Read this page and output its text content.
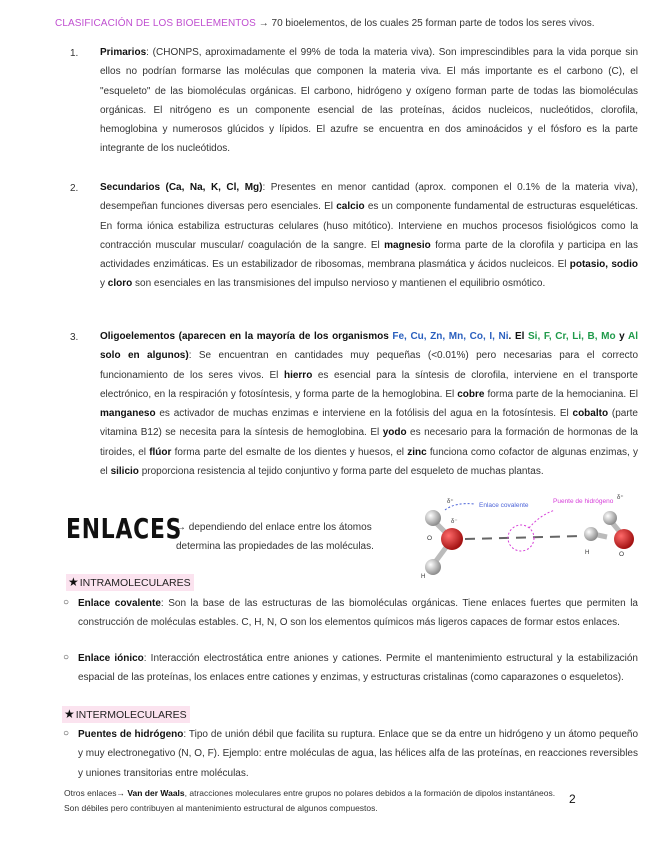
CLASIFICACIÓN DE LOS BIOELEMENTOS → 70 bioelementos, de los cuales 25 forman parte de todos los seres vivos.
1. Primarios: (CHONPS, aproximadamente el 99% de toda la materia viva). Son imprescindibles para la vida porque sin ellos no podrían formarse las moléculas que componen la materia viva. El más importante es el carbono (C), el "esqueleto" de las biomoléculas orgánicas. El carbono, hidrógeno y oxígeno forman parte de todas las biomoléculas orgánicas. El nitrógeno es un componente esencial de las proteínas, ácidos nucleicos, nucleótidos, clorofila, hemoglobina y numerosos glúcidos y lípidos. El azufre se encuentra en dos aminoácidos y el fósforo es la parte integrante de los nucleótidos.
2. Secundarios (Ca, Na, K, Cl, Mg): Presentes en menor cantidad (aprox. componen el 0.1% de la materia viva), desempeñan funciones diversas pero esenciales. El calcio es un componente fundamental de estructuras esqueléticas. En forma iónica estabiliza estructuras celulares (huso mitótico). Interviene en muchos procesos fisiológicos como la contracción muscular muscular/ coagulación de la sangre. El magnesio forma parte de la clorofila y participa en las actividades enzimáticas. Es un estabilizador de ribosomas, membrana plasmática y ácidos nucleicos. El potasio, sodio y cloro son esenciales en las transmisiones del impulso nervioso y mantienen el equilibrio osmótico.
3. Oligoelementos (aparecen en la mayoría de los organismos Fe, Cu, Zn, Mn, Co, I, Ni. El Si, F, Cr, Li, B, Mo y Al solo en algunos): Se encuentran en cantidades muy pequeñas (<0.01%) pero necesarias para el correcto funcionamiento de los seres vivos. El hierro es esencial para la síntesis de clorofila, interviene en el transporte electrónico, en la respiración y fotosíntesis, y forma parte de la hemoglobina. El cobre forma parte de la hemocianina. El manganeso es activador de muchas enzimas e interviene en la fotólisis del agua en la fotosíntesis. El cobalto (parte vitamina B12) se necesita para la síntesis de hemoglobina. El yodo es necesario para la formación de hormonas de la tiroides, el flúor forma parte del esmalte de los dientes y huesos, el zinc funciona como cofactor de algunas enzimas, y el silicio proporciona resistencia al tejido conjuntivo y forma parte del esqueleto de muchas plantas.
ENLACES
→ dependiendo del enlace entre los átomos determina las propiedades de las moléculas.
Enlace covalente
Puente de hidrógeno
δ⁺
δ⁻
O
H
H
δ⁺
O
★INTRAMOLECULARES
○ Enlace covalente: Son la base de las estructuras de las biomoléculas orgánicas. Tiene enlaces fuertes que permiten la construcción de moléculas estables. C, H, N, O son los elementos químicos más ligeros capaces de formar estos enlaces.
○ Enlace iónico: Interacción electrostática entre aniones y cationes. Permite el mantenimiento estructural y la estabilización espacial de las proteínas, los enlaces entre cationes y enzimas, y estructuras cristalinas (como caparazones o esqueletos).
★INTERMOLECULARES
○ Puentes de hidrógeno: Tipo de unión débil que facilita su ruptura. Enlace que se da entre un hidrógeno y un átomo pequeño y muy electronegativo (N, O, F). Ejemplo: entre moléculas de agua, las hélices alfa de las proteínas, en reacciones reversibles y uniones transitorias entre moléculas.
Otros enlaces→ Van der Waals, atracciones moleculares entre grupos no polares debidos a la formación de dipolos instantáneos. Son débiles pero contribuyen al mantenimiento estructural de algunos compuestos.
2
